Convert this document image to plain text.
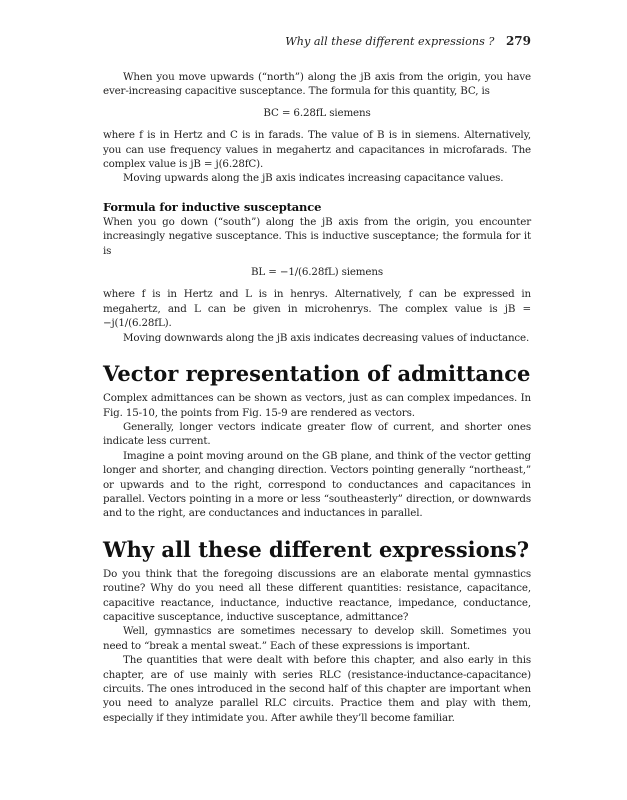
Why all these different expressions ? 279

When you move upwards (“north”) along the jB axis from the origin, you have ever-increasing capacitive susceptance. The formula for this quantity, BC, is

BC = 6.28fL siemens

where f is in Hertz and C is in farads. The value of B is in siemens. Alternatively, you can use frequency values in megahertz and capacitances in microfarads. The complex value is jB = j(6.28fC).

Moving upwards along the jB axis indicates increasing capacitance values.

Formula for inductive susceptance

When you go down (“south”) along the jB axis from the origin, you encounter increasingly negative susceptance. This is inductive susceptance; the formula for it is

BL = −1/(6.28fL) siemens

where f is in Hertz and L is in henrys. Alternatively, f can be expressed in megahertz, and L can be given in microhenrys. The complex value is jB = −j(1/(6.28fL).

Moving downwards along the jB axis indicates decreasing values of inductance.

Vector representation of admittance

Complex admittances can be shown as vectors, just as can complex impedances. In Fig. 15-10, the points from Fig. 15-9 are rendered as vectors.

Generally, longer vectors indicate greater flow of current, and shorter ones indicate less current.

Imagine a point moving around on the GB plane, and think of the vector getting longer and shorter, and changing direction. Vectors pointing generally “northeast,” or upwards and to the right, correspond to conductances and capacitances in parallel. Vectors pointing in a more or less “southeasterly” direction, or downwards and to the right, are conductances and inductances in parallel.

Why all these different expressions?

Do you think that the foregoing discussions are an elaborate mental gymnastics routine? Why do you need all these different quantities: resistance, capacitance, capacitive reactance, inductance, inductive reactance, impedance, conductance, capacitive susceptance, inductive susceptance, admittance?

Well, gymnastics are sometimes necessary to develop skill. Sometimes you need to “break a mental sweat.” Each of these expressions is important.

The quantities that were dealt with before this chapter, and also early in this chapter, are of use mainly with series RLC (resistance-inductance-capacitance) circuits. The ones introduced in the second half of this chapter are important when you need to analyze parallel RLC circuits. Practice them and play with them, especially if they intimidate you. After awhile they’ll become familiar.
